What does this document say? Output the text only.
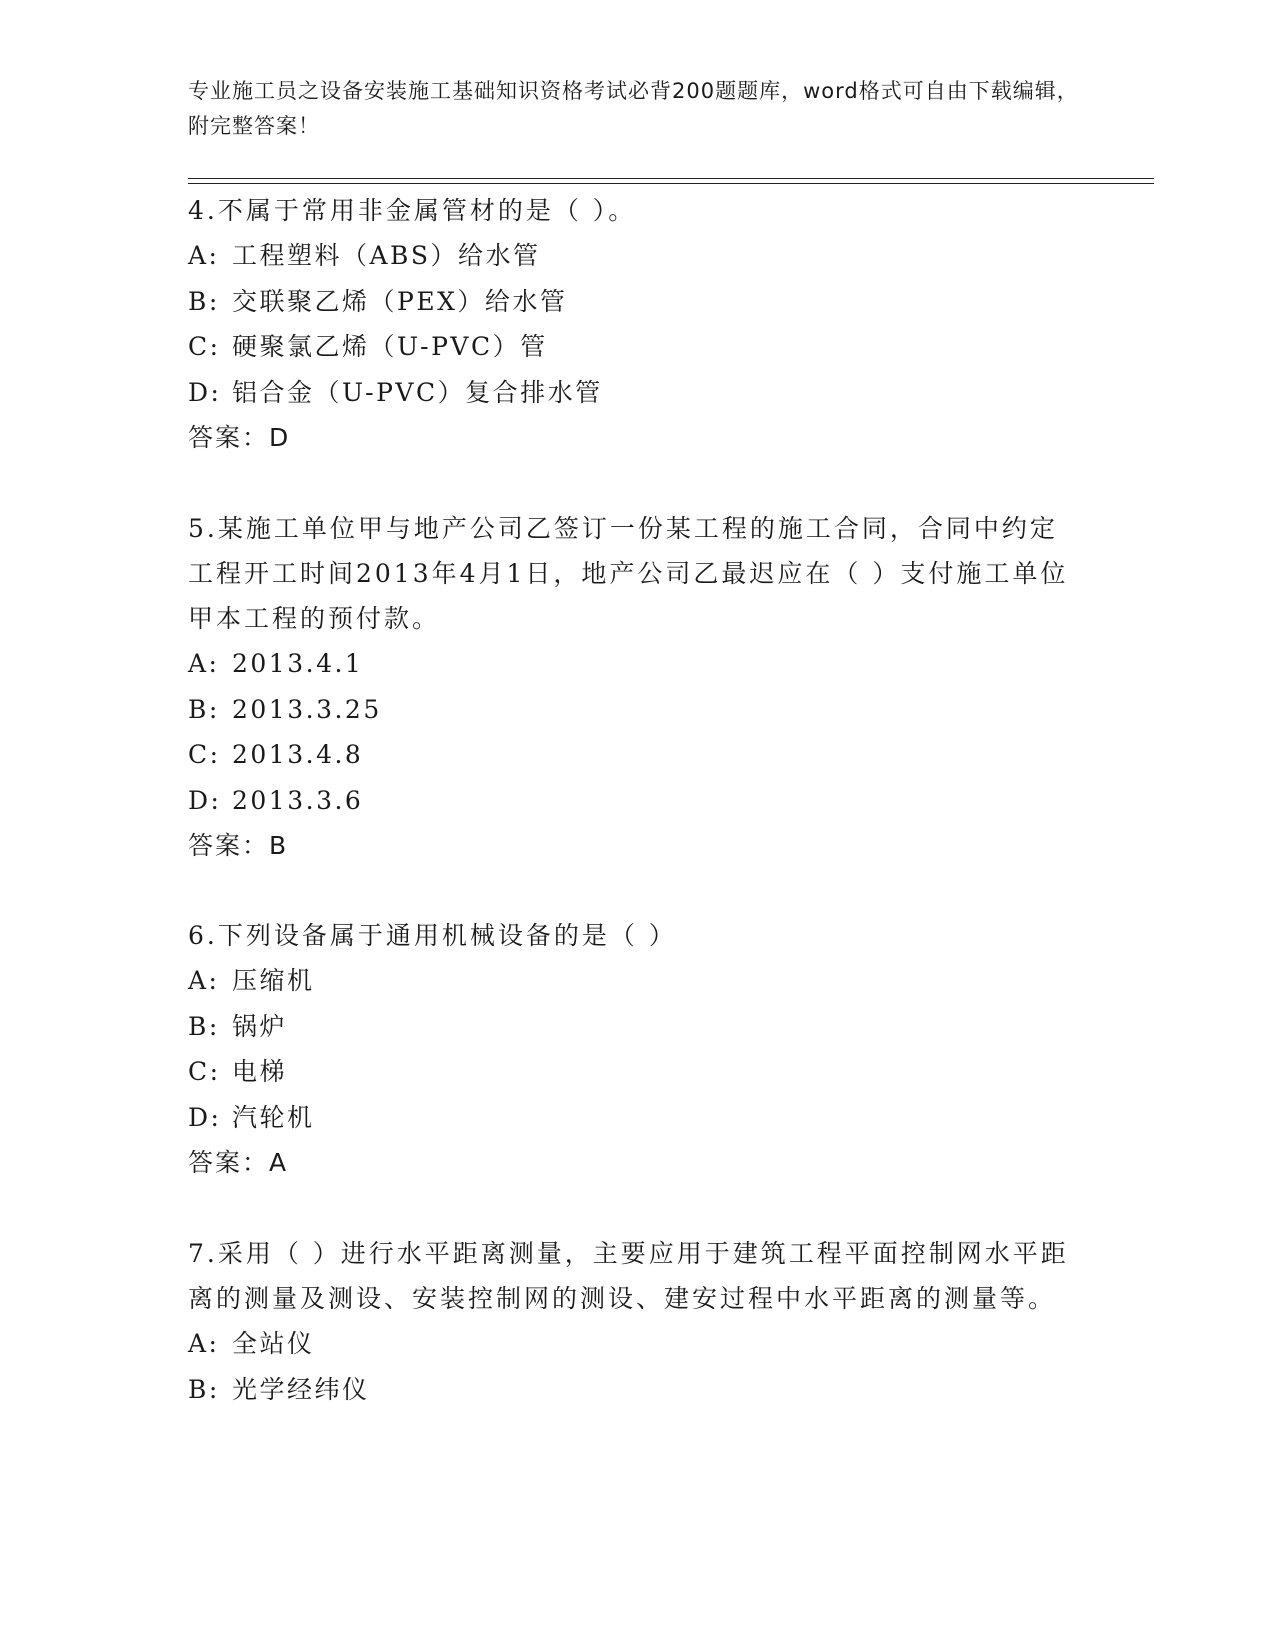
专业施工员之设备安装施工基础知识资格考试必背200题题库，word格式可自由下载编辑，附完整答案！

4.不属于常用非金属管材的是（ ）。

A: 工程塑料（ABS）给水管

B: 交联聚乙烯（PEX）给水管

C: 硬聚氯乙烯（U-PVC）管

D: 铝合金（U-PVC）复合排水管

答案：D

5.某施工单位甲与地产公司乙签订一份某工程的施工合同，合同中约定工程开工时间2013年4月1日，地产公司乙最迟应在（ ）支付施工单位甲本工程的预付款。

A: 2013.4.1

B: 2013.3.25

C: 2013.4.8

D: 2013.3.6

答案：B

6.下列设备属于通用机械设备的是（ ）

A: 压缩机

B: 锅炉

C: 电梯

D: 汽轮机

答案：A

7.采用（ ）进行水平距离测量，主要应用于建筑工程平面控制网水平距离的测量及测设、安装控制网的测设、建安过程中水平距离的测量等。

A: 全站仪

B: 光学经纬仪
